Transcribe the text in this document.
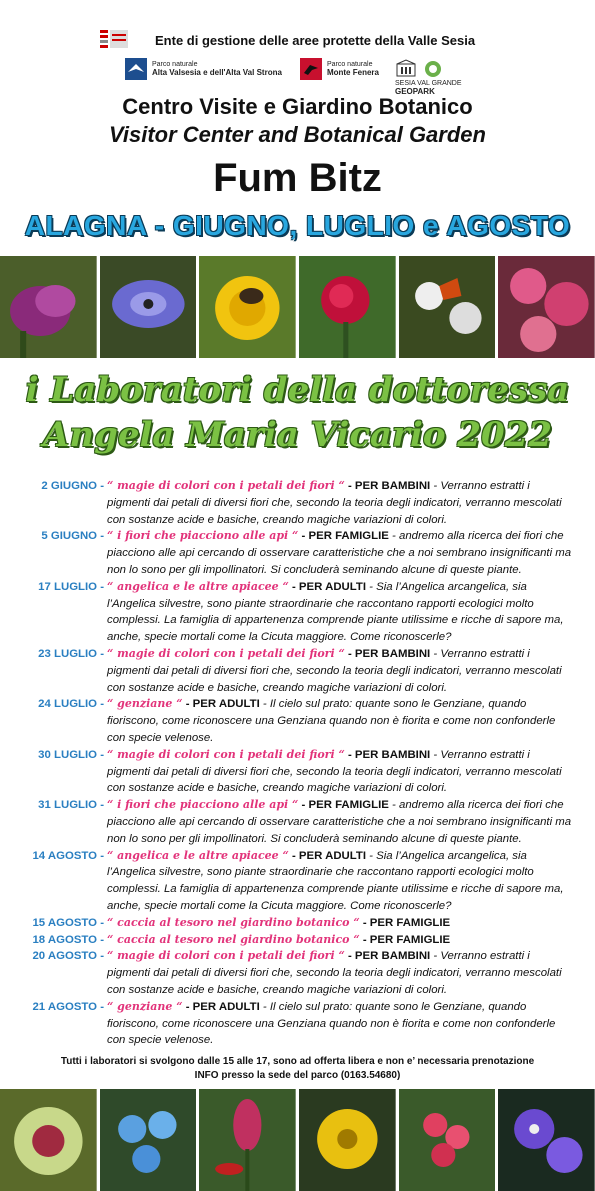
Ente di gestione delle aree protette della Valle Sesia
Parco naturale
Alta Valsesia e dell'Alta Val Strona
Parco naturale
Monte Fenera
SESIA VAL GRANDE
GEOPARK
Centro Visite e Giardino Botanico
Visitor Center and Botanical Garden
Fum Bitz
ALAGNA - GIUGNO, LUGLIO e AGOSTO
i Laboratori della dottoressa
Angela Maria Vicario 2022
2 GIUGNO - “ magie di colori con i petali dei fiori “ - PER BAMBINI - Verranno estratti i pigmenti dai petali di diversi fiori che, secondo la teoria degli indicatori, verranno mescolati con sostanze acide e basiche, creando magiche variazioni di colori.
5 GIUGNO - “ i fiori che piacciono alle api “ - PER FAMIGLIE - andremo alla ricerca dei fiori che piacciono alle api cercando di osservare caratteristiche che a noi sembrano insignificanti ma non lo sono per gli impollinatori. Si concluderà seminando alcune di queste piante.
17 LUGLIO - “ angelica e le altre apiacee “ - PER ADULTI - Sia l’Angelica arcangelica, sia l’Angelica silvestre, sono piante straordinarie che raccontano rapporti ecologici molto complessi. La famiglia di appartenenza comprende piante utilissime e ricche di sapore ma, anche, specie mortali come la Cicuta maggiore. Come riconoscerle?
23 LUGLIO - “ magie di colori con i petali dei fiori “ - PER BAMBINI - Verranno estratti i pigmenti dai petali di diversi fiori che, secondo la teoria degli indicatori, verranno mescolati con sostanze acide e basiche, creando magiche variazioni di colori.
24 LUGLIO - “ genziane “ - PER ADULTI - Il cielo sul prato: quante sono le Genziane, quando fioriscono, come riconoscere una Genziana quando non è fiorita e come non confonderle con specie velenose.
30 LUGLIO - “ magie di colori con i petali dei fiori “ - PER BAMBINI - Verranno estratti i pigmenti dai petali di diversi fiori che, secondo la teoria degli indicatori, verranno mescolati con sostanze acide e basiche, creando magiche variazioni di colori.
31 LUGLIO - “ i fiori che piacciono alle api “ - PER FAMIGLIE - andremo alla ricerca dei fiori che piacciono alle api cercando di osservare caratteristiche che a noi sembrano insignificanti ma non lo sono per gli impollinatori. Si concluderà seminando alcune di queste piante.
14 AGOSTO - “ angelica e le altre apiacee “ - PER ADULTI - Sia l’Angelica arcangelica, sia l’Angelica silvestre, sono piante straordinarie che raccontano rapporti ecologici molto complessi. La famiglia di appartenenza comprende piante utilissime e ricche di sapore ma, anche, specie mortali come la Cicuta maggiore. Come riconoscerle?
15 AGOSTO - “ caccia al tesoro nel giardino botanico “ - PER FAMIGLIE
18 AGOSTO - “ caccia al tesoro nel giardino botanico “ - PER FAMIGLIE
20 AGOSTO - “ magie di colori con i petali dei fiori “ - PER BAMBINI - Verranno estratti i pigmenti dai petali di diversi fiori che, secondo la teoria degli indicatori, verranno mescolati con sostanze acide e basiche, creando magiche variazioni di colori.
21 AGOSTO - “ genziane “ - PER ADULTI - Il cielo sul prato: quante sono le Genziane, quando fioriscono, come riconoscere una Genziana quando non è fiorita e come non confonderle con specie velenose.
Tutti i laboratori si svolgono dalle 15 alle 17, sono ad offerta libera e non e’ necessaria prenotazione
INFO presso la sede del parco (0163.54680)
